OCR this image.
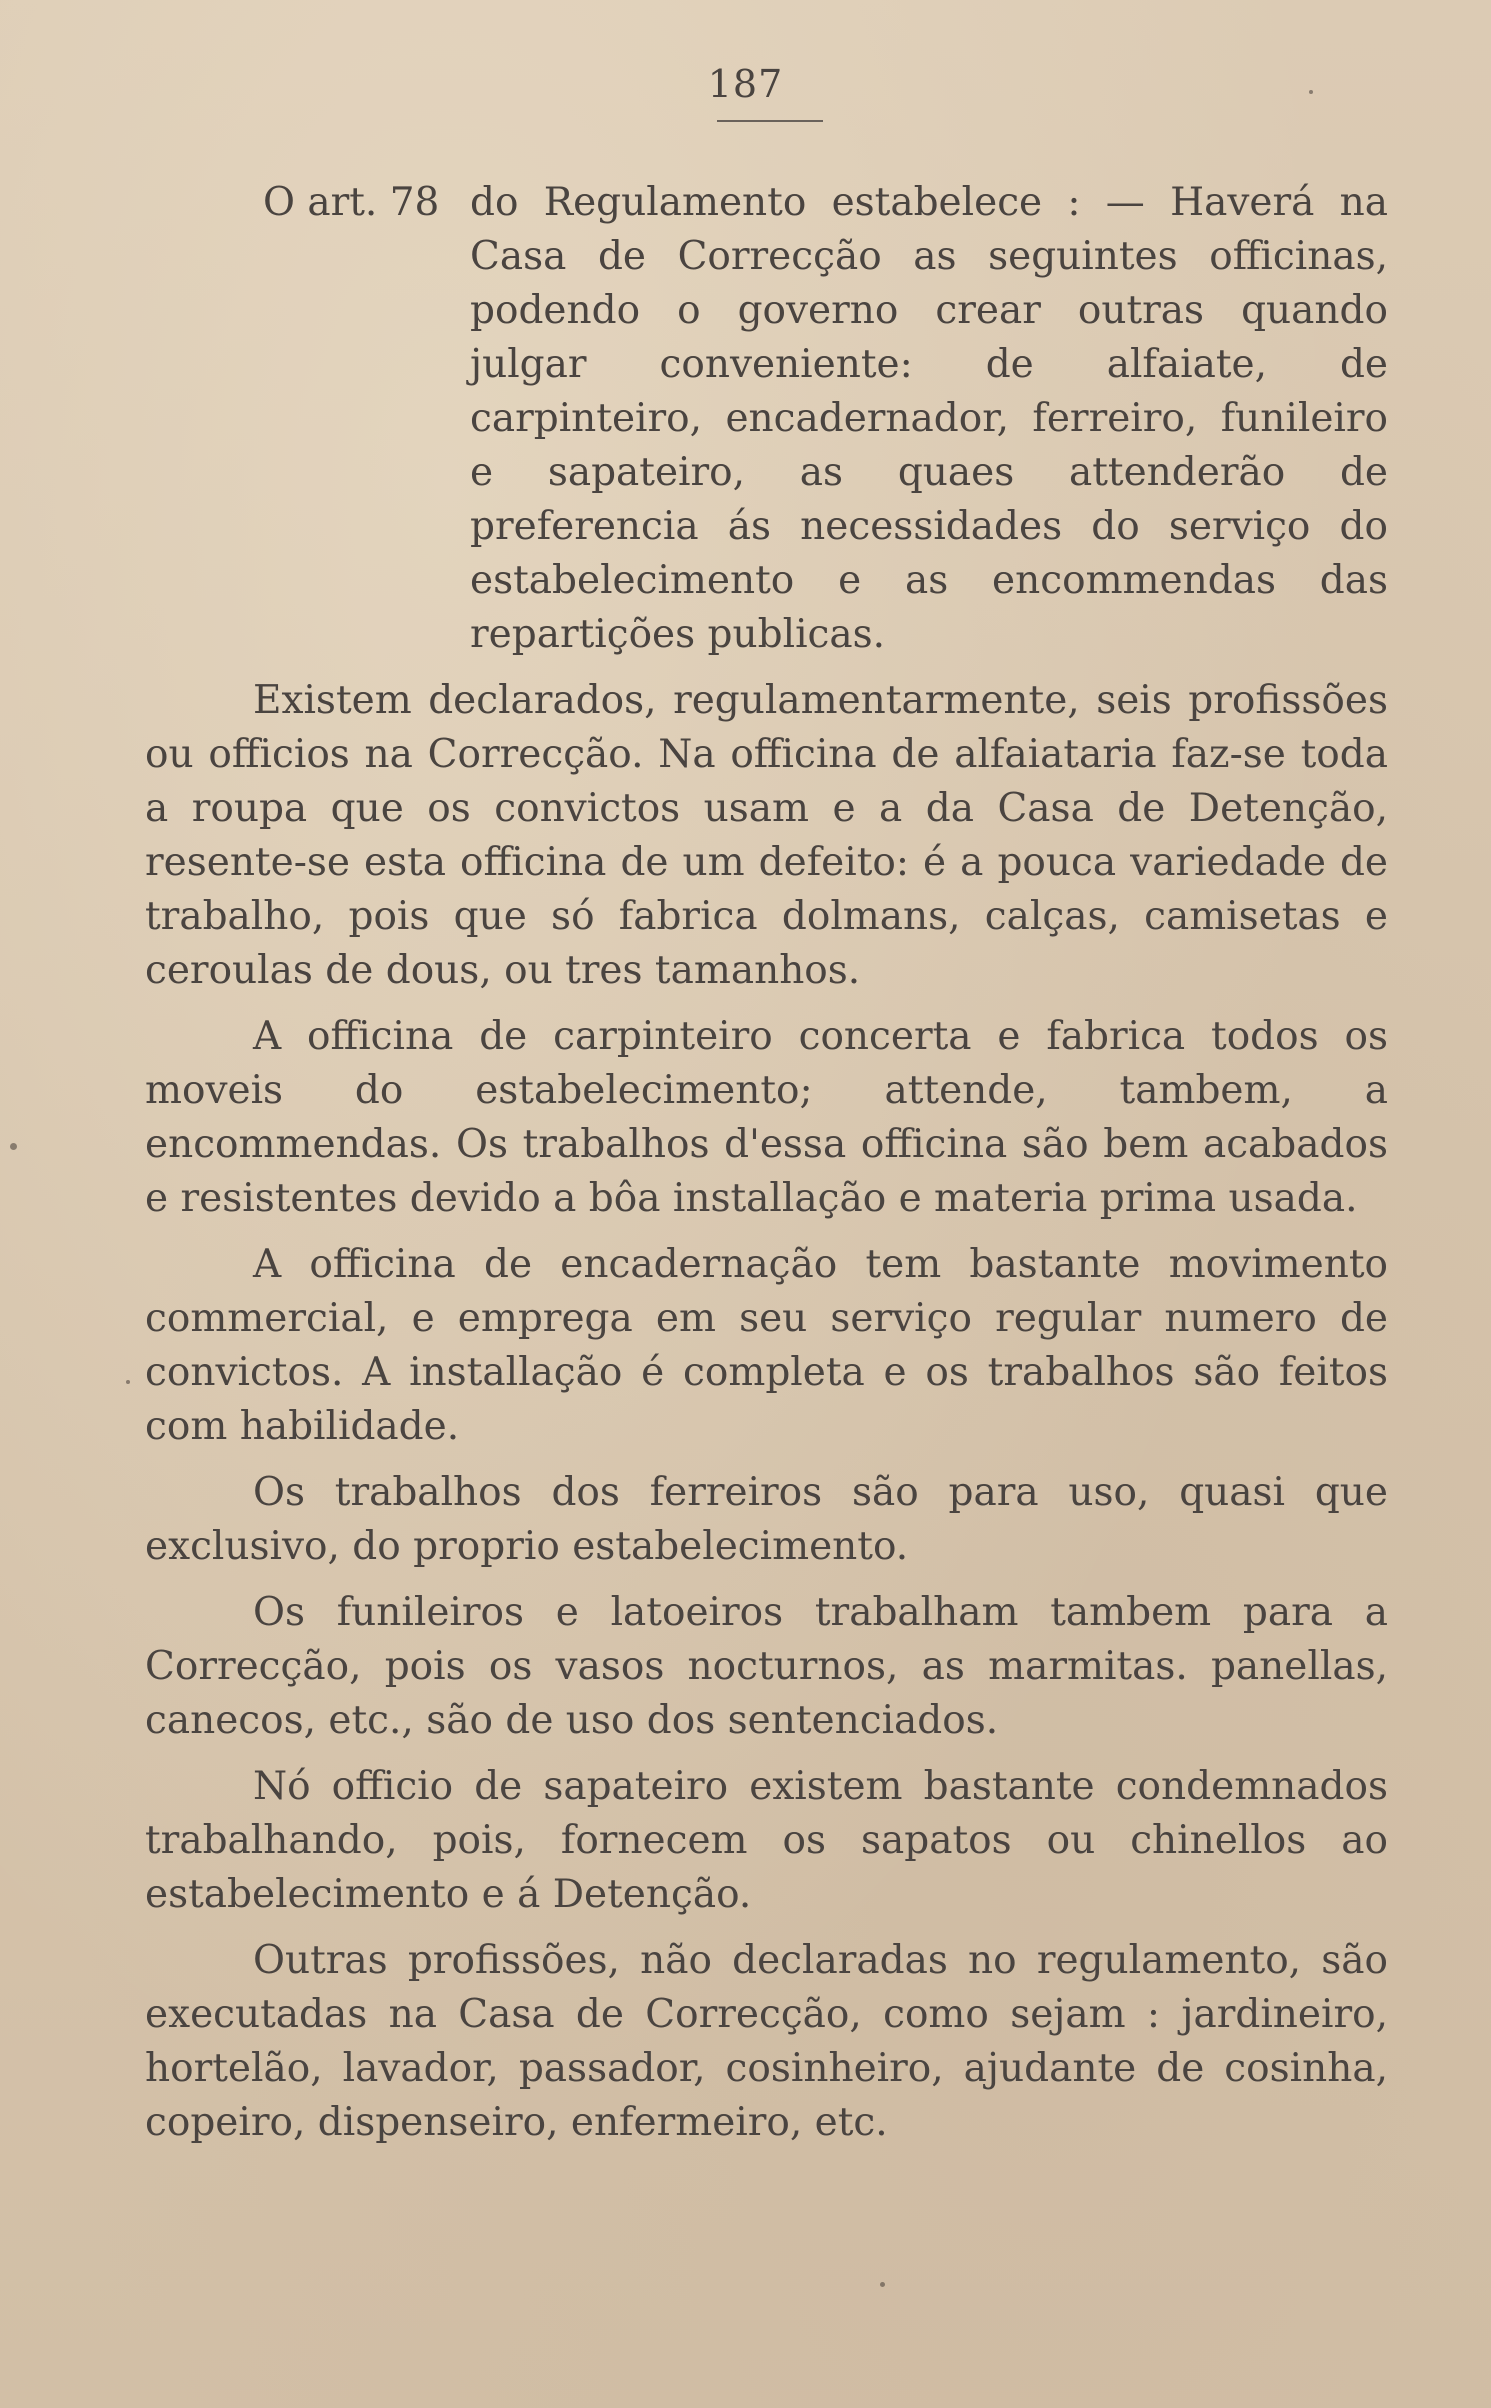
187
O art. 78 do Regulamento estabelece : — Haverá na Casa de Correcção as seguintes officinas, podendo o governo crear outras quando julgar conveniente: de alfaiate, de carpinteiro, encadernador, ferreiro, funileiro e sapateiro, as quaes attenderão de preferencia ás necessidades do serviço do estabelecimento e as encommendas das repartições publicas.

Existem declarados, regulamentarmente, seis profissões ou officios na Correcção. Na officina de alfaiataria faz-se toda a roupa que os convictos usam e a da Casa de Detenção, resente-se esta officina de um defeito: é a pouca variedade de trabalho, pois que só fabrica dolmans, calças, camisetas e ceroulas de dous, ou tres tamanhos.

A officina de carpinteiro concerta e fabrica todos os moveis do estabelecimento; attende, tambem, a encommendas. Os trabalhos d'essa officina são bem acabados e resistentes devido a bôa installação e materia prima usada.

A officina de encadernação tem bastante movimento commercial, e emprega em seu serviço regular numero de convictos. A installação é completa e os trabalhos são feitos com habilidade.

Os trabalhos dos ferreiros são para uso, quasi que exclusivo, do proprio estabelecimento.

Os funileiros e latoeiros trabalham tambem para a Correcção, pois os vasos nocturnos, as marmitas. panellas, canecos, etc., são de uso dos sentenciados.

Nó officio de sapateiro existem bastante condemnados trabalhando, pois, fornecem os sapatos ou chinellos ao estabelecimento e á Detenção.

Outras profissões, não declaradas no regulamento, são executadas na Casa de Correcção, como sejam : jardineiro, hortelão, lavador, passador, cosinheiro, ajudante de cosinha, copeiro, dispenseiro, enfermeiro, etc.
